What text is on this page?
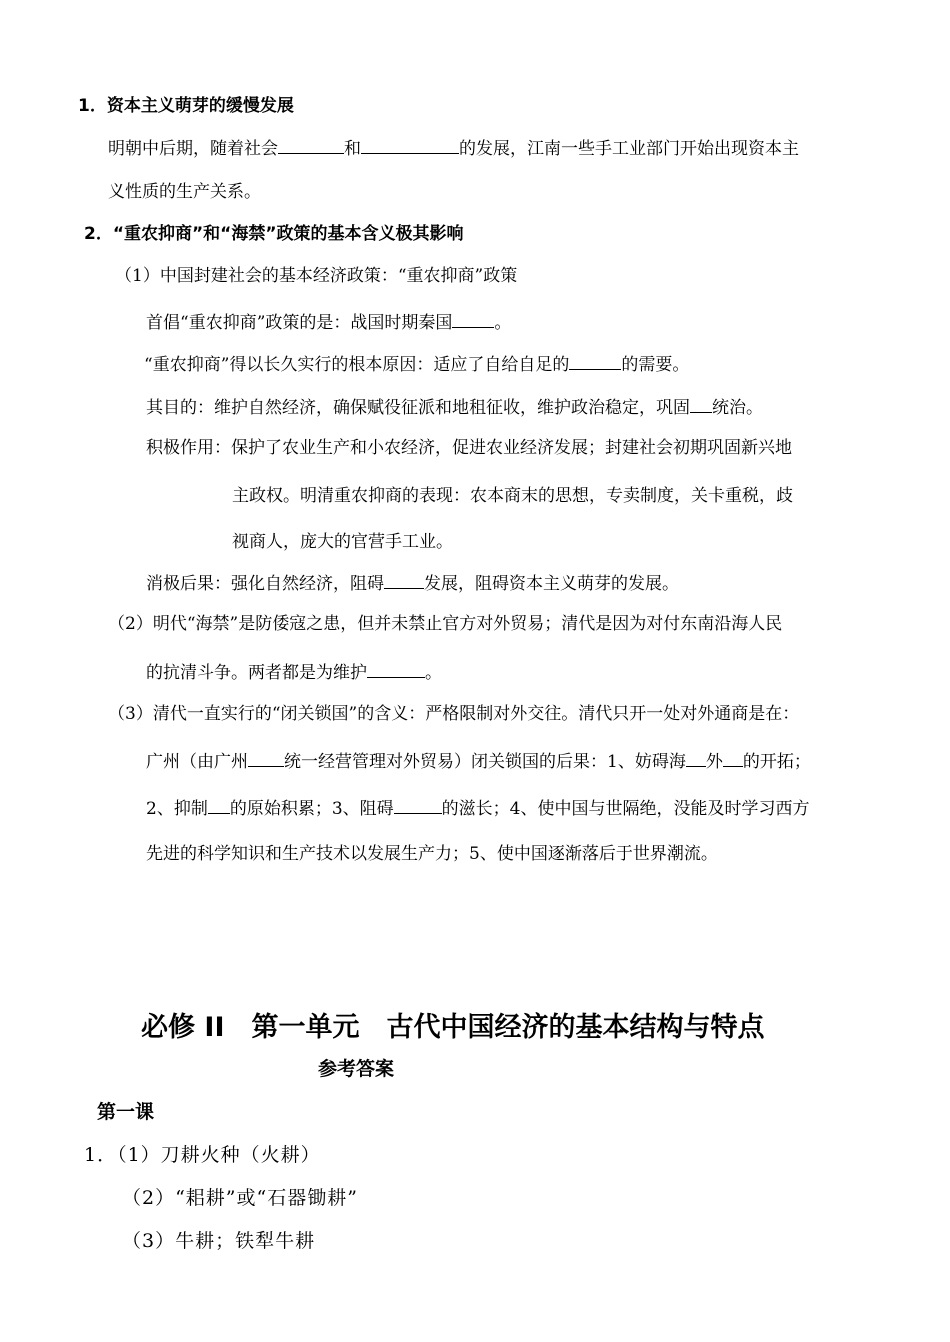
1．资本主义萌芽的缓慢发展
明朝中后期，随着社会	和	的发展，江南一些手工业部门开始出现资本主
义性质的生产关系。
2．“重农抑商”和“海禁”政策的基本含义极其影响
（1）中国封建社会的基本经济政策：“重农抑商”政策
首倡“重农抑商”政策的是：战国时期秦国 。
“重农抑商”得以长久实行的根本原因：适应了自给自足的	的需要。
其目的：维护自然经济，确保赋役征派和地租征收，维护政治稳定，巩固 统治。
积极作用：保护了农业生产和小农经济，促进农业经济发展；封建社会初期巩固新兴地
主政权。明清重农抑商的表现：农本商末的思想，专卖制度，关卡重税，歧
视商人，庞大的官营手工业。
消极后果：强化自然经济，阻碍 发展，阻碍资本主义萌芽的发展。
（2）明代“海禁”是防倭寇之患，但并未禁止官方对外贸易；清代是因为对付东南沿海人民
的抗清斗争。两者都是为维护	。
（3）清代一直实行的“闭关锁国”的含义：严格限制对外交往。清代只开一处对外通商是在：
广州（由广州 统一经营管理对外贸易）闭关锁国的后果：1、妨碍海 外 的开拓；
2、抑制 的原始积累；3、阻碍	的滋长；4、使中国与世隔绝，没能及时学习西方
先进的科学知识和生产技术以发展生产力；5、使中国逐渐落后于世界潮流。
必修 II　第一单元　古代中国经济的基本结构与特点
参考答案
第一课
1．（1）刀耕火种（火耕）
（2）“耜耕”或“石器锄耕”
（3）牛耕；铁犁牛耕
